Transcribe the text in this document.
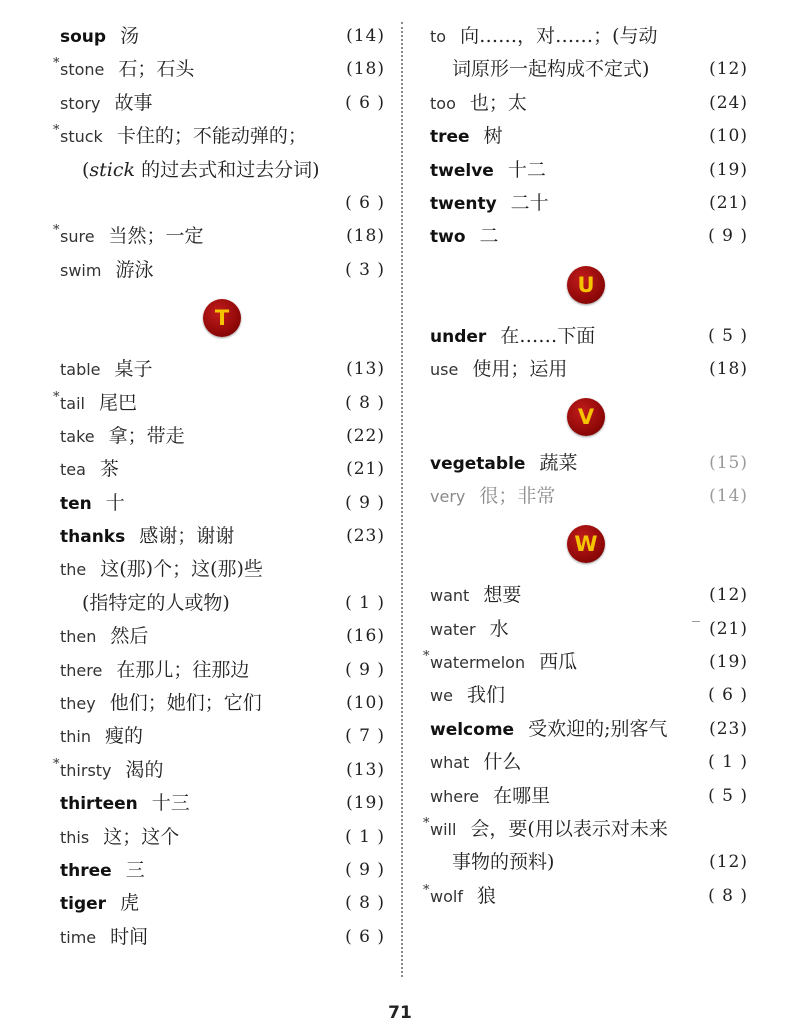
soup 汤	(14)
* stone 石；石头	(18)
story 故事	( 6 )
* stuck 卡住的；不能动弹的；
(stick 的过去式和过去分词)
( 6 )
* sure 当然；一定	(18)
swim 游泳	( 3 )
T
table 桌子	(13)
* tail 尾巴	( 8 )
take 拿；带走	(22)
tea 茶	(21)
ten 十	( 9 )
thanks 感谢；谢谢	(23)
the 这(那)个；这(那)些
(指特定的人或物)	( 1 )
then 然后	(16)
there 在那儿；往那边	( 9 )
they 他们；她们；它们	(10)
thin 瘦的	( 7 )
* thirsty 渴的	(13)
thirteen 十三	(19)
this 这；这个	( 1 )
three 三	( 9 )
tiger 虎	( 8 )
time 时间	( 6 )
to 向……，对……；(与动
词原形一起构成不定式)	(12)
too 也；太	(24)
tree 树	(10)
twelve 十二	(19)
twenty 二十	(21)
two 二	( 9 )
U
under 在……下面	( 5 )
use 使用；运用	(18)
V
vegetable 蔬菜	(15)
very 很；非常	(14)
W
want 想要	(12)
water 水	(21)
* watermelon 西瓜	(19)
we 我们	( 6 )
welcome 受欢迎的;别客气 (23)
what 什么	( 1 )
where 在哪里	( 5 )
* will 会，要(用以表示对未来
事物的预料)	(12)
* wolf 狼	( 8 )
71
